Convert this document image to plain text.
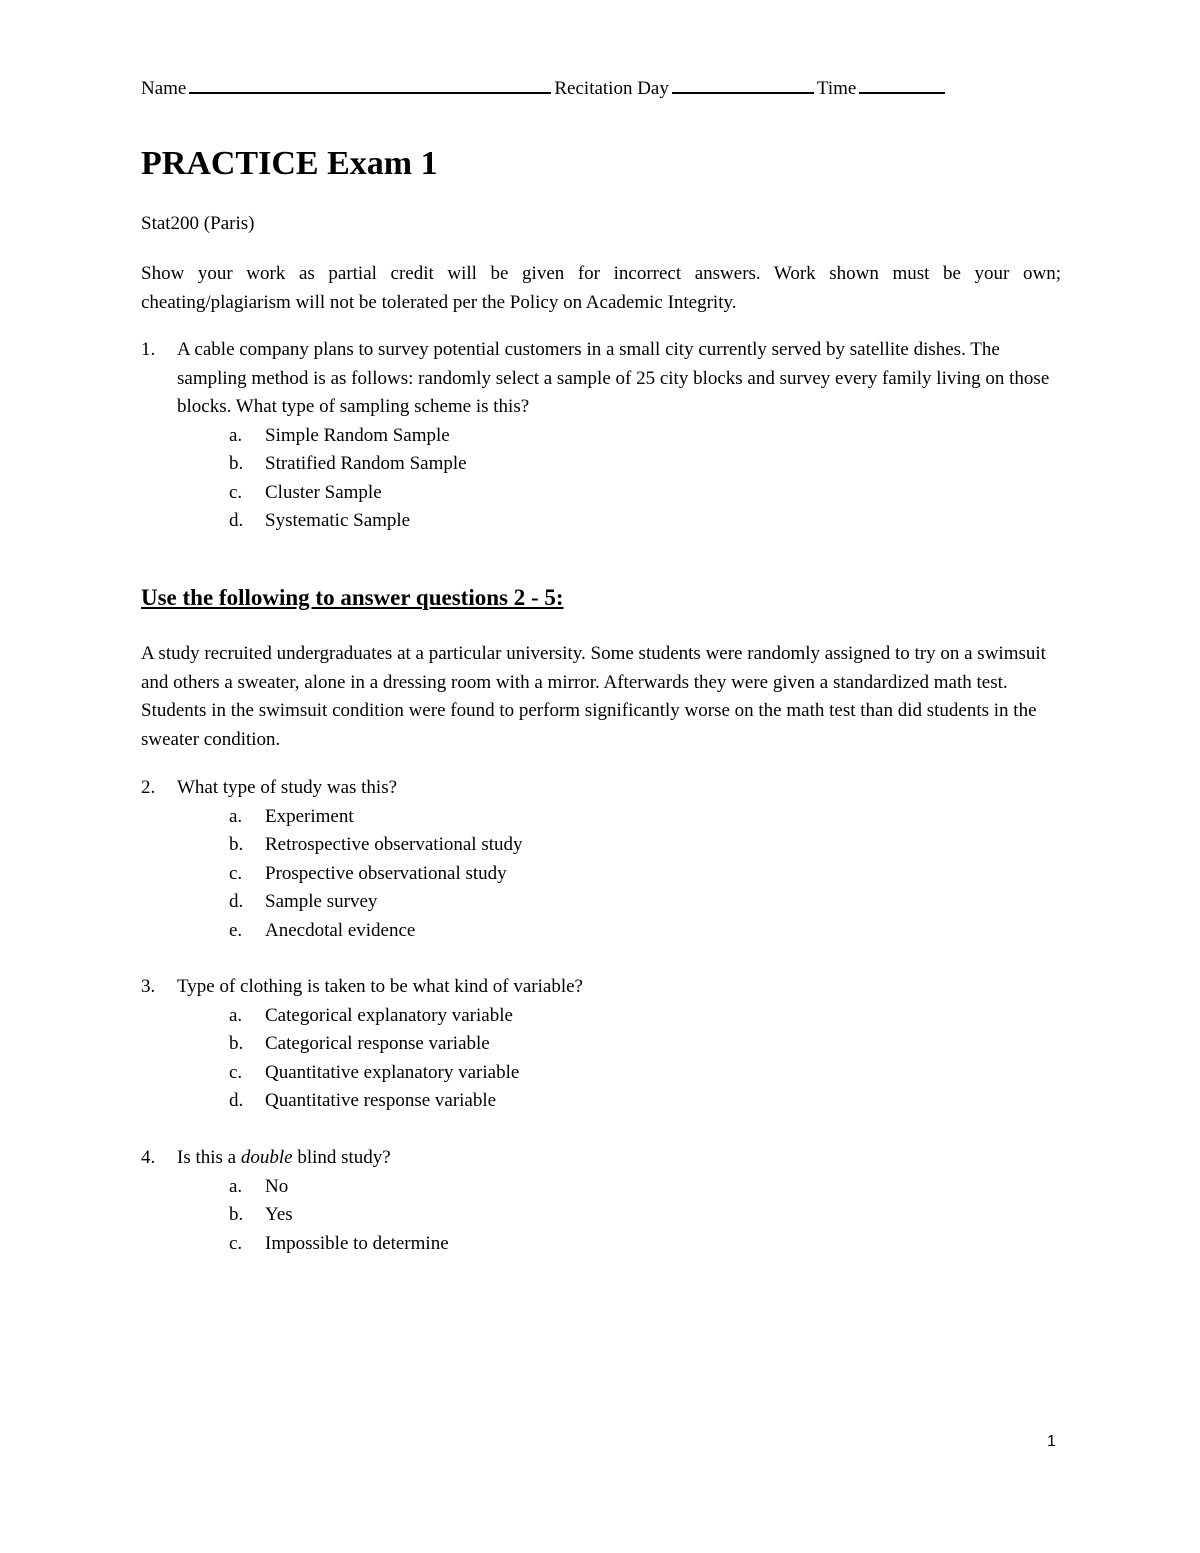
Name	Recitation Day	Time
PRACTICE Exam 1
Stat200 (Paris)
Show your work as partial credit will be given for incorrect answers. Work shown must be your own; cheating/plagiarism will not be tolerated per the Policy on Academic Integrity.
1.	A cable company plans to survey potential customers in a small city currently served by satellite dishes. The sampling method is as follows: randomly select a sample of 25 city blocks and survey every family living on those blocks. What type of sampling scheme is this?
a.	Simple Random Sample
b.	Stratified Random Sample
c.	Cluster Sample
d.	Systematic Sample
Use the following to answer questions 2 - 5:
A study recruited undergraduates at a particular university. Some students were randomly assigned to try on a swimsuit and others a sweater, alone in a dressing room with a mirror. Afterwards they were given a standardized math test. Students in the swimsuit condition were found to perform significantly worse on the math test than did students in the sweater condition.
2.	What type of study was this?
a.	Experiment
b.	Retrospective observational study
c.	Prospective observational study
d.	Sample survey
e.	Anecdotal evidence
3.	Type of clothing is taken to be what kind of variable?
a.	Categorical explanatory variable
b.	Categorical response variable
c.	Quantitative explanatory variable
d.	Quantitative response variable
4.	Is this a double blind study?
a.	No
b.	Yes
c.	Impossible to determine
1
